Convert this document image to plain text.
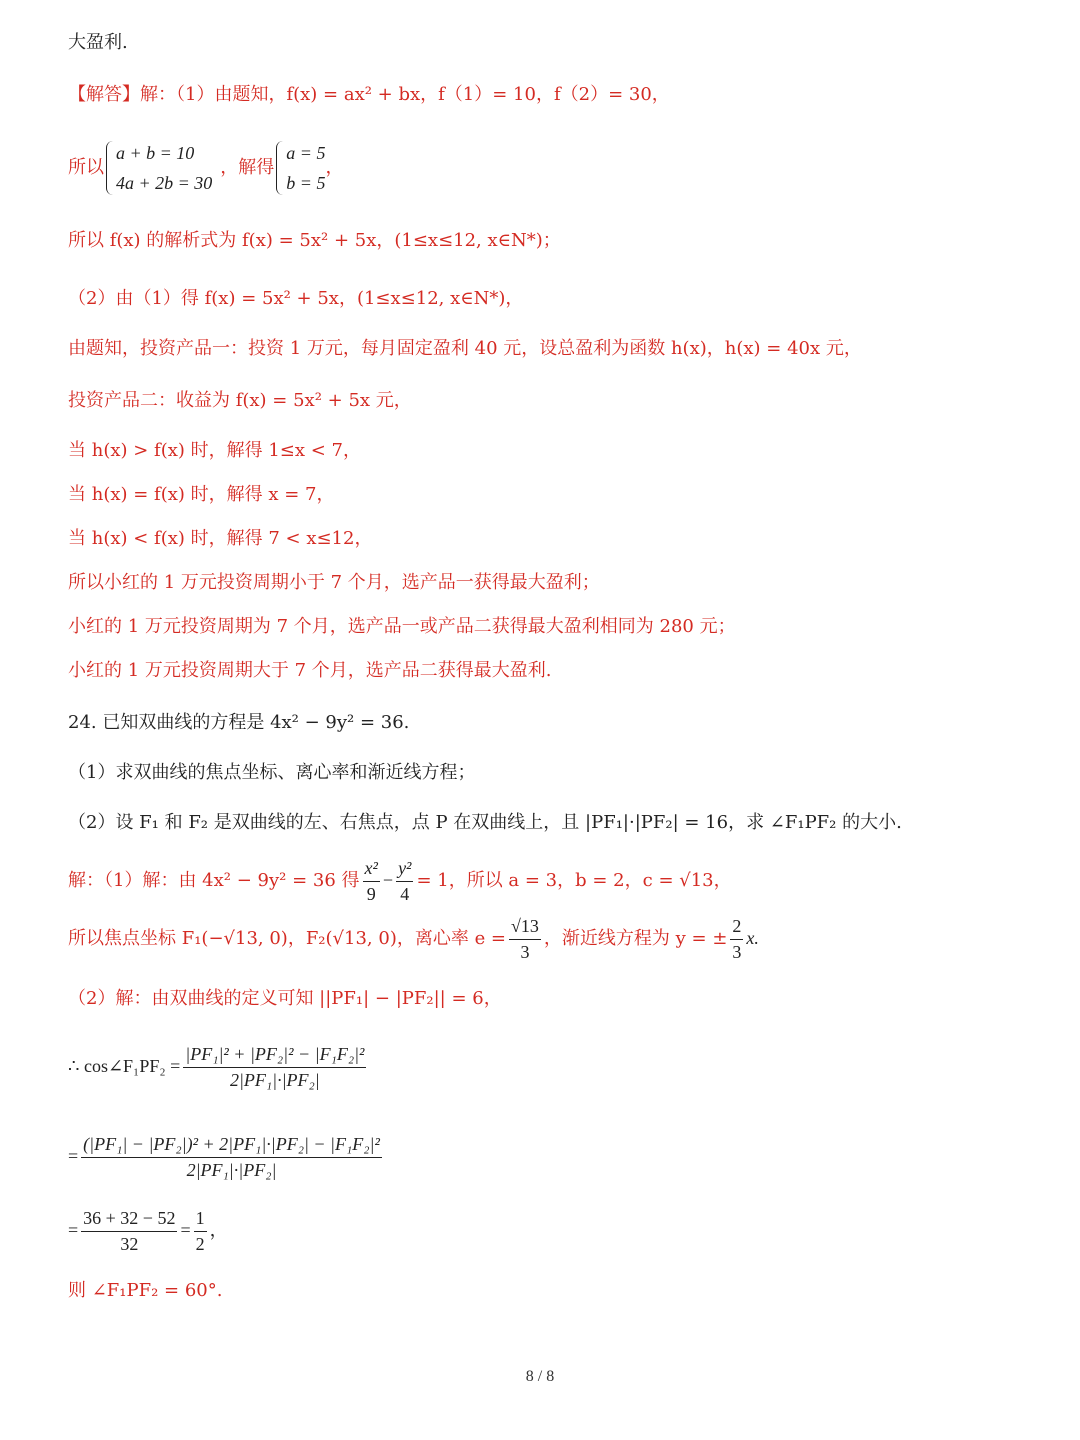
大盈利.
【解答】解：（1）由题知，f(x) = ax² + bx，f（1）= 10，f（2）= 30，
所以
a + b = 10
4a + 2b = 30
，解得
a = 5
b = 5
，
所以 f(x) 的解析式为 f(x) = 5x² + 5x，(1≤x≤12, x∈N*)；
（2）由（1）得 f(x) = 5x² + 5x，(1≤x≤12, x∈N*)，
由题知，投资产品一：投资 1 万元，每月固定盈利 40 元，设总盈利为函数 h(x)，h(x) = 40x 元，
投资产品二：收益为 f(x) = 5x² + 5x 元，
当 h(x) > f(x) 时，解得 1≤x < 7，
当 h(x) = f(x) 时，解得 x = 7，
当 h(x) < f(x) 时，解得 7 < x≤12，
所以小红的 1 万元投资周期小于 7 个月，选产品一获得最大盈利；
小红的 1 万元投资周期为 7 个月，选产品一或产品二获得最大盈利相同为 280 元；
小红的 1 万元投资周期大于 7 个月，选产品二获得最大盈利.
24. 已知双曲线的方程是 4x² − 9y² = 36.
（1）求双曲线的焦点坐标、离心率和渐近线方程；
（2）设 F₁ 和 F₂ 是双曲线的左、右焦点，点 P 在双曲线上，且 |PF₁|·|PF₂| = 16，求 ∠F₁PF₂ 的大小.
解：（1）解：由 4x² − 9y² = 36 得 $\frac{\text{x²}}{9} - \frac{\text{y²}}{4} = 1$，所以 a = 3，b = 2，c = √13，
所以焦点坐标 F₁(−√13, 0)，F₂(√13, 0)，离心率 $e = \frac{√13}{3}$ ，渐近线方程为 y = ± $\frac{2}{3} x$.
（2）解：由双曲线的定义可知 ||PF₁| − |PF₂|| = 6，
∴ cos∠F₁PF₂ = $\frac{\text{|PF₁|² + |PF₂|² − |F₁F₂|²}}{\text{2|PF₁|·|PF₂|}}$
= $\frac{\text{(|PF₁| − |PF₂|)² + 2|PF₁|·|PF₂| − |F₁F₂|²}}{\text{2|PF₁|·|PF₂|}}$
= $\frac{36 + 32 - 52}{32} = \frac{1}{2}$ ，
则 ∠F₁PF₂ = 60°.
8 / 8
